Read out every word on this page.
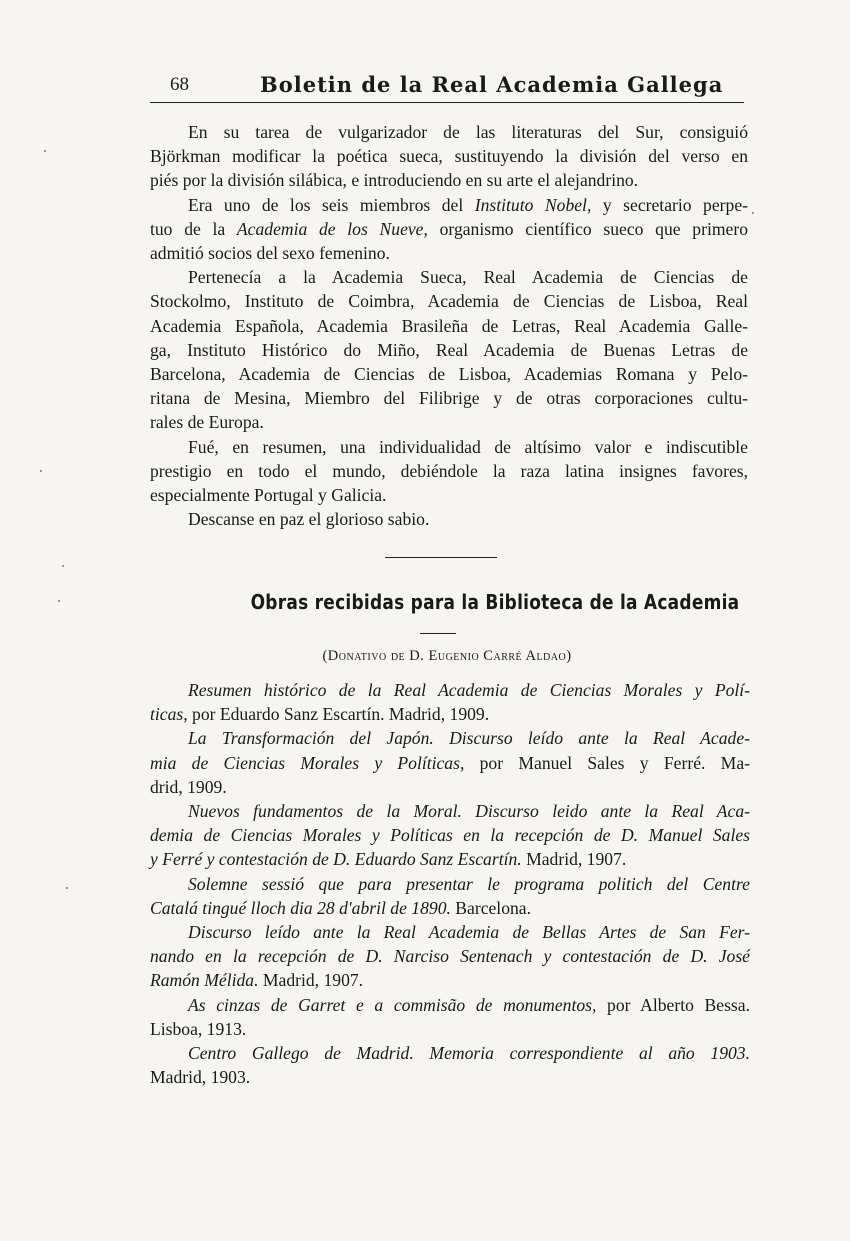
68	Boletin de la Real Academia Gallega

En su tarea de vulgarizador de las literaturas del Sur, consiguió
Björkman modificar la poética sueca, sustituyendo la división del verso en
piés por la división silábica, e introduciendo en su arte el alejandrino.

Era uno de los seis miembros del Instituto Nobel, y secretario perpe-
tuo de la Academia de los Nueve, organismo científico sueco que primero
admitió socios del sexo femenino.

Pertenecía a la Academia Sueca, Real Academia de Ciencias de
Stockolmo, Instituto de Coimbra, Academia de Ciencias de Lisboa, Real
Academia Española, Academia Brasileña de Letras, Real Academia Galle-
ga, Instituto Histórico do Miño, Real Academia de Buenas Letras de
Barcelona, Academia de Ciencias de Lisboa, Academias Romana y Pelo-
ritana de Mesina, Miembro del Filibrige y de otras corporaciones cultu-
rales de Europa.

Fué, en resumen, una individualidad de altísimo valor e indiscutible
prestigio en todo el mundo, debiéndole la raza latina insignes favores,
especialmente Portugal y Galicia.

Descanse en paz el glorioso sabio.

Obras recibidas para la Biblioteca de la Academia
(Donativo de D. Eugenio Carré Aldao)

Resumen histórico de la Real Academia de Ciencias Morales y Polí-
ticas, por Eduardo Sanz Escartín. Madrid, 1909.

La Transformación del Japón. Discurso leído ante la Real Acade-
mia de Ciencias Morales y Políticas, por Manuel Sales y Ferré. Ma-
drid, 1909.

Nuevos fundamentos de la Moral. Discurso leido ante la Real Aca-
demia de Ciencias Morales y Políticas en la recepción de D. Manuel Sales
y Ferré y contestación de D. Eduardo Sanz Escartín. Madrid, 1907.

Solemne sessió que para presentar le programa politich del Centre
Catalá tingué lloch dia 28 d'abril de 1890. Barcelona.

Discurso leído ante la Real Academia de Bellas Artes de San Fer-
nando en la recepción de D. Narciso Sentenach y contestación de D. José
Ramón Mélida. Madrid, 1907.

As cinzas de Garret e a commisão de monumentos, por Alberto Bessa.
Lisboa, 1913.

Centro Gallego de Madrid. Memoria correspondiente al año 1903.
Madrid, 1903.
